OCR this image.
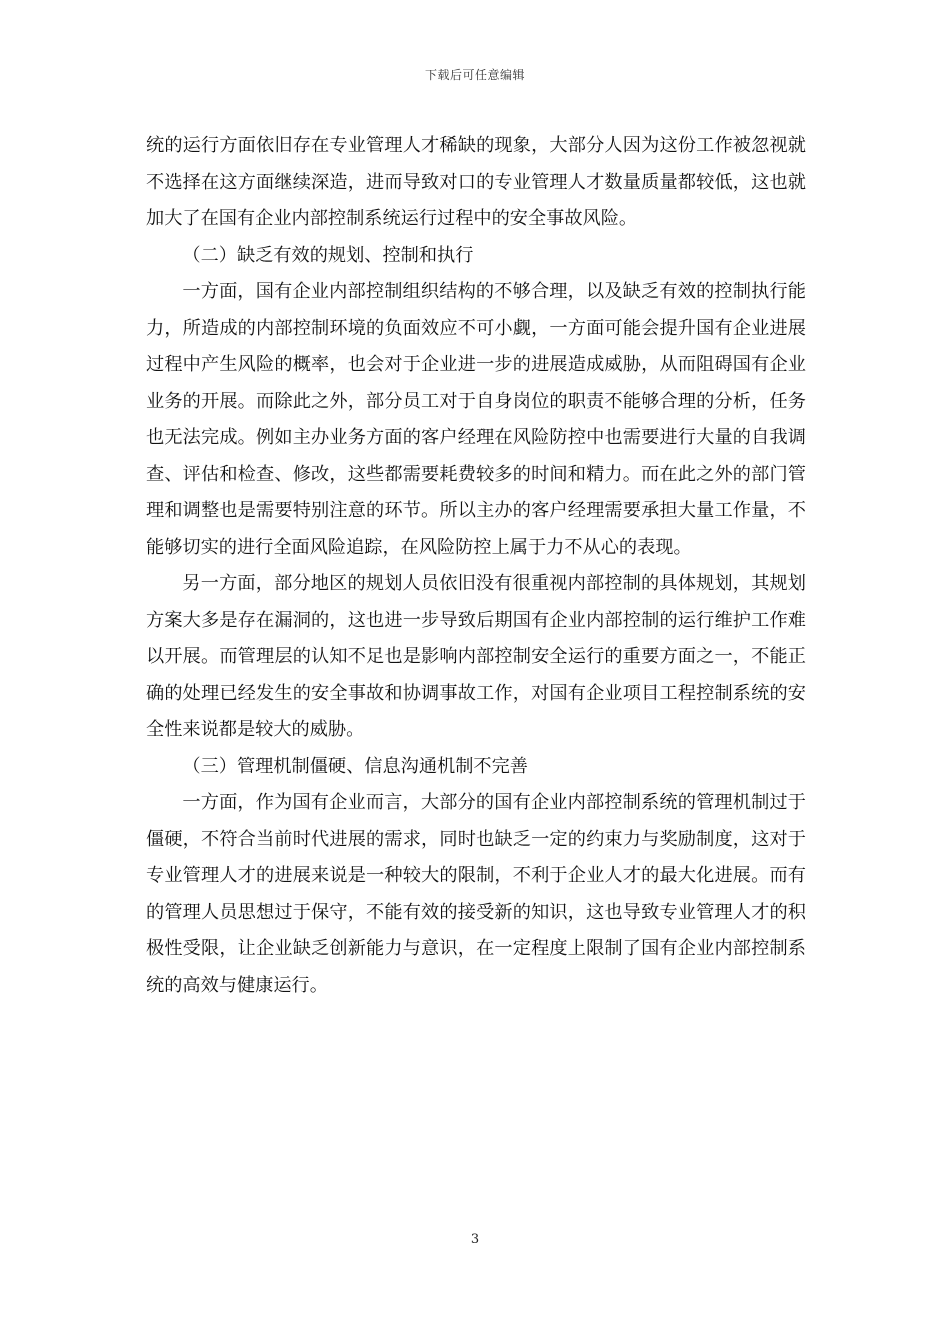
下载后可任意编辑

统的运行方面依旧存在专业管理人才稀缺的现象，大部分人因为这份工作被忽视就不选择在这方面继续深造，进而导致对口的专业管理人才数量质量都较低，这也就加大了在国有企业内部控制系统运行过程中的安全事故风险。

（二）缺乏有效的规划、控制和执行

一方面，国有企业内部控制组织结构的不够合理，以及缺乏有效的控制执行能力，所造成的内部控制环境的负面效应不可小觑，一方面可能会提升国有企业进展过程中产生风险的概率，也会对于企业进一步的进展造成威胁，从而阻碍国有企业业务的开展。而除此之外，部分员工对于自身岗位的职责不能够合理的分析，任务也无法完成。例如主办业务方面的客户经理在风险防控中也需要进行大量的自我调查、评估和检查、修改，这些都需要耗费较多的时间和精力。而在此之外的部门管理和调整也是需要特别注意的环节。所以主办的客户经理需要承担大量工作量，不能够切实的进行全面风险追踪，在风险防控上属于力不从心的表现。

另一方面，部分地区的规划人员依旧没有很重视内部控制的具体规划，其规划方案大多是存在漏洞的，这也进一步导致后期国有企业内部控制的运行维护工作难以开展。而管理层的认知不足也是影响内部控制安全运行的重要方面之一，不能正确的处理已经发生的安全事故和协调事故工作，对国有企业项目工程控制系统的安全性来说都是较大的威胁。

（三）管理机制僵硬、信息沟通机制不完善

一方面，作为国有企业而言，大部分的国有企业内部控制系统的管理机制过于僵硬，不符合当前时代进展的需求，同时也缺乏一定的约束力与奖励制度，这对于专业管理人才的进展来说是一种较大的限制，不利于企业人才的最大化进展。而有的管理人员思想过于保守，不能有效的接受新的知识，这也导致专业管理人才的积极性受限，让企业缺乏创新能力与意识，在一定程度上限制了国有企业内部控制系统的高效与健康运行。

3
